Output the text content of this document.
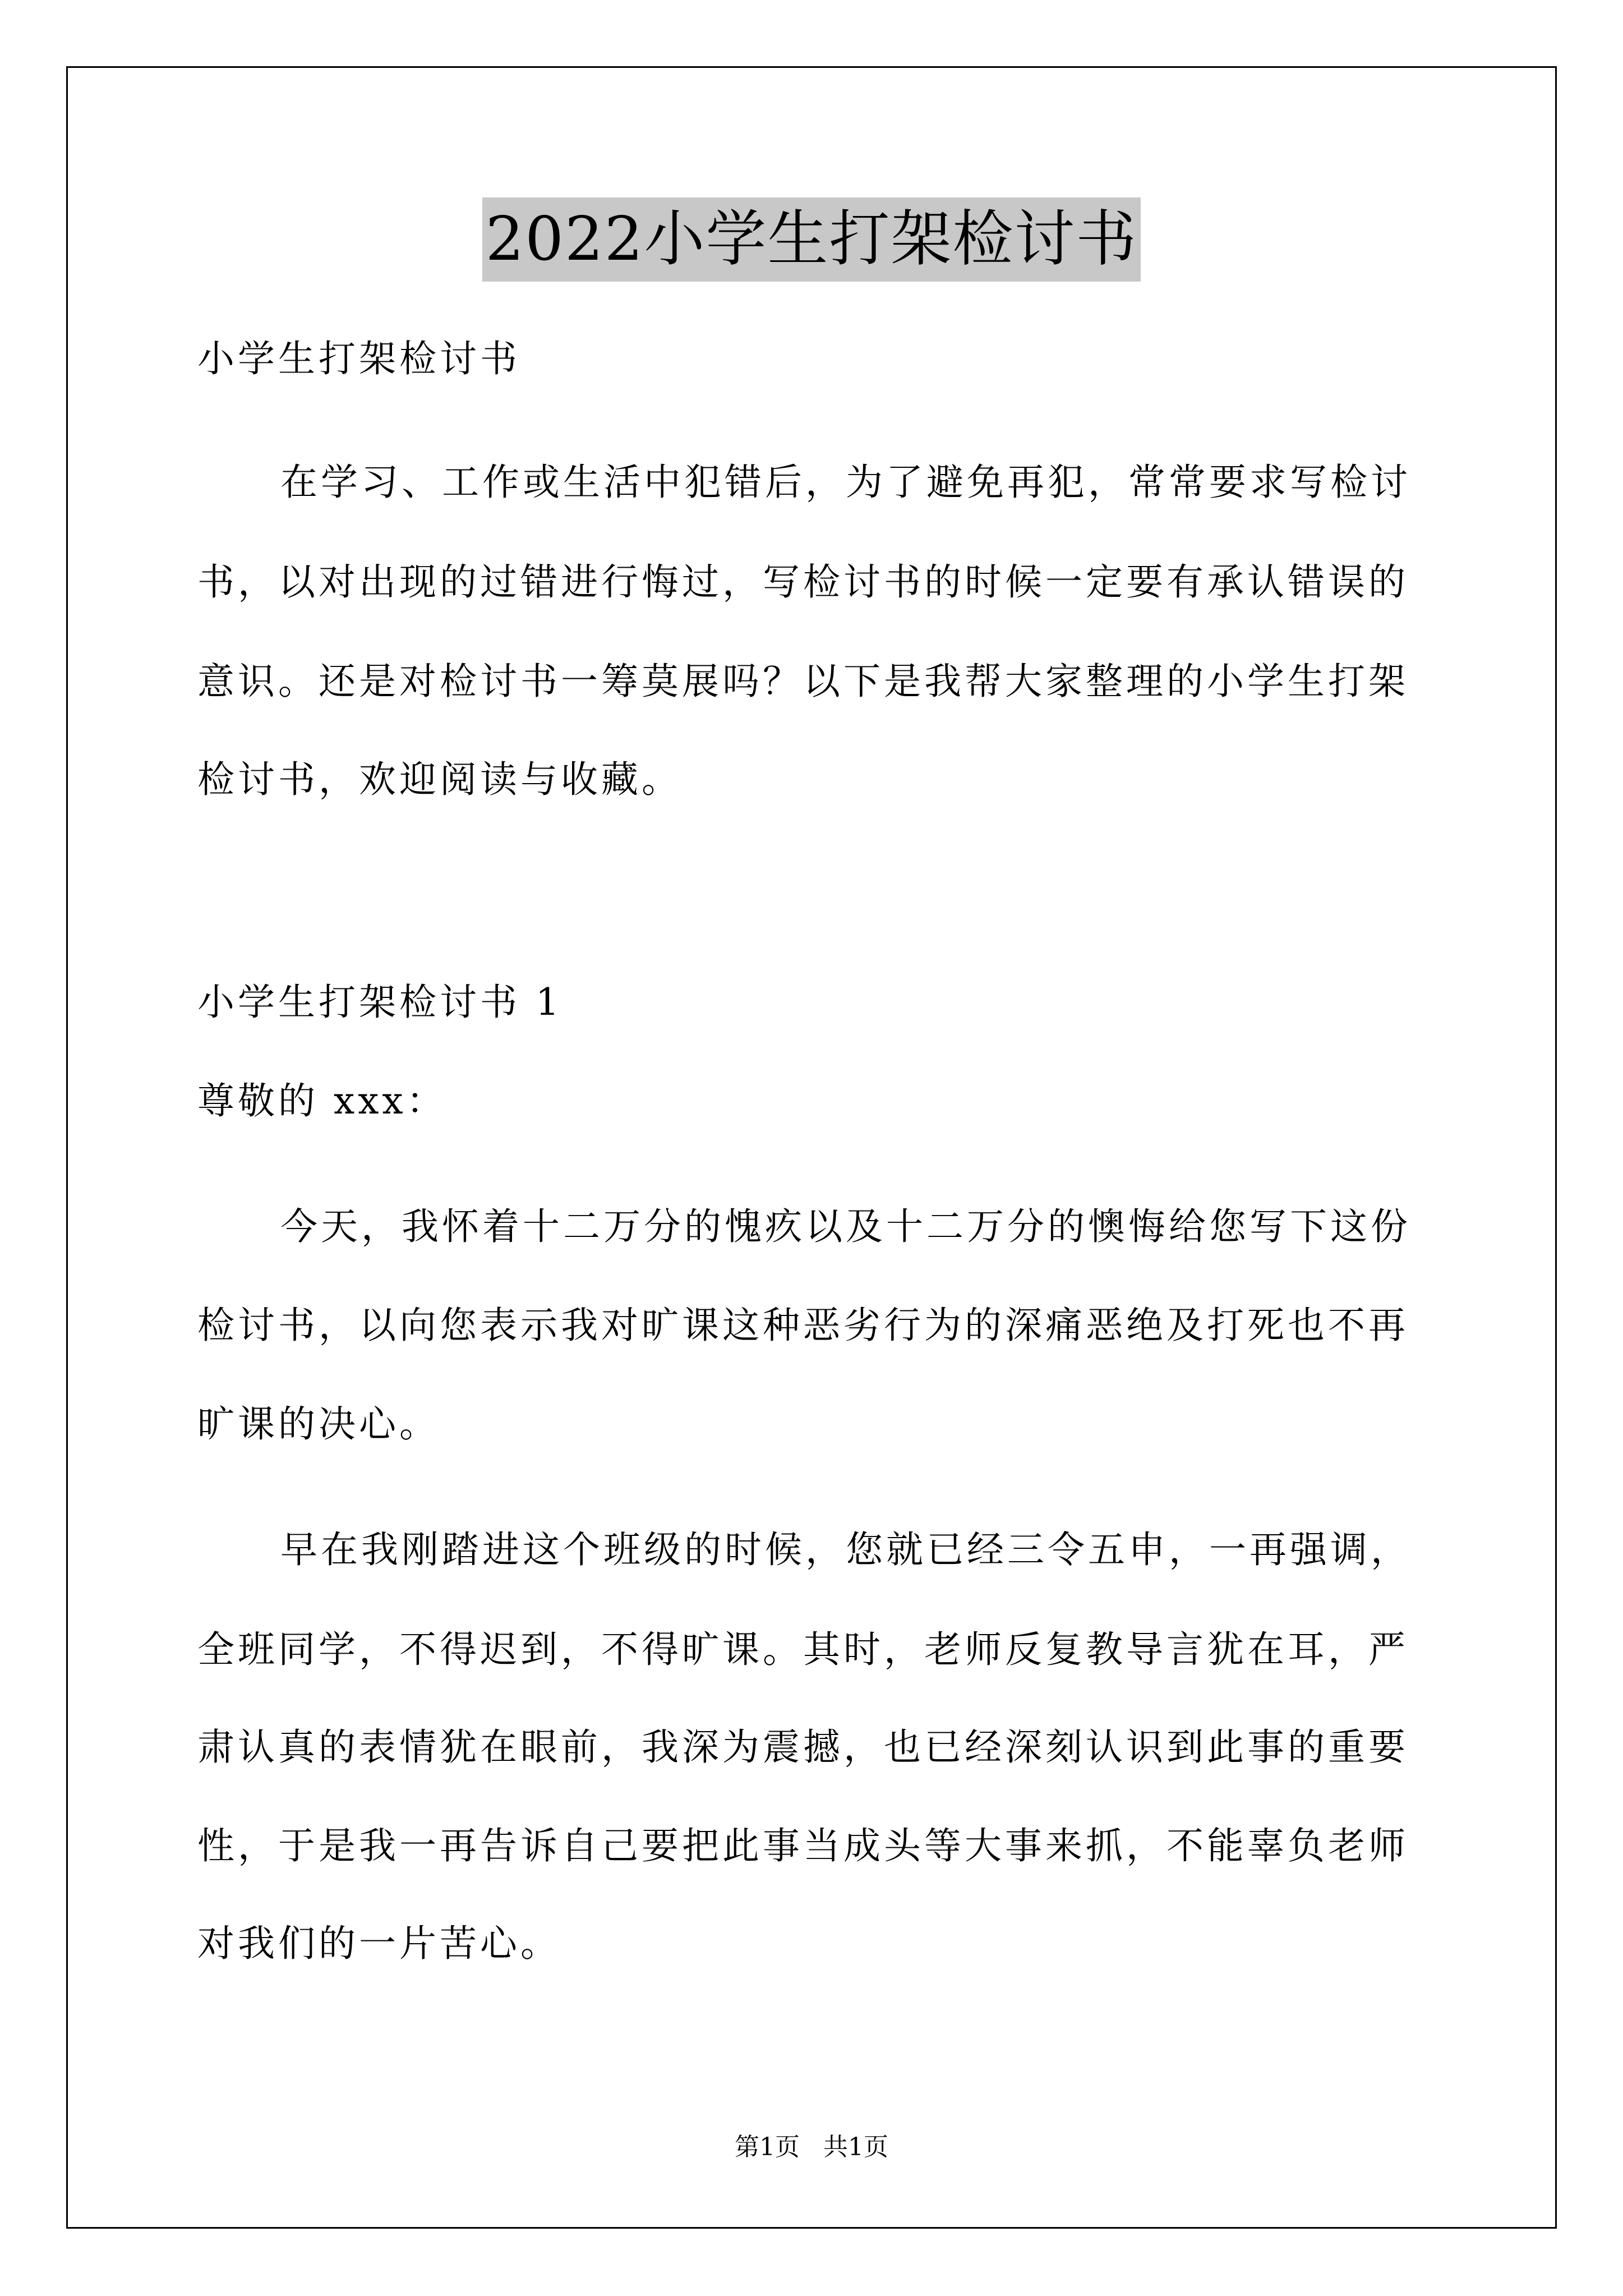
2022小学生打架检讨书
小学生打架检讨书
在学习、工作或生活中犯错后，为了避免再犯，常常要求写检讨
书，以对出现的过错进行悔过，写检讨书的时候一定要有承认错误的
意识。还是对检讨书一筹莫展吗？以下是我帮大家整理的小学生打架
检讨书，欢迎阅读与收藏。
小学生打架检讨书 1
尊敬的 xxx：
今天，我怀着十二万分的愧疚以及十二万分的懊悔给您写下这份
检讨书，以向您表示我对旷课这种恶劣行为的深痛恶绝及打死也不再
旷课的决心。
早在我刚踏进这个班级的时候，您就已经三令五申，一再强调，
全班同学，不得迟到，不得旷课。其时，老师反复教导言犹在耳，严
肃认真的表情犹在眼前，我深为震撼，也已经深刻认识到此事的重要
性，于是我一再告诉自己要把此事当成头等大事来抓，不能辜负老师
对我们的一片苦心。
第1页   共1页
